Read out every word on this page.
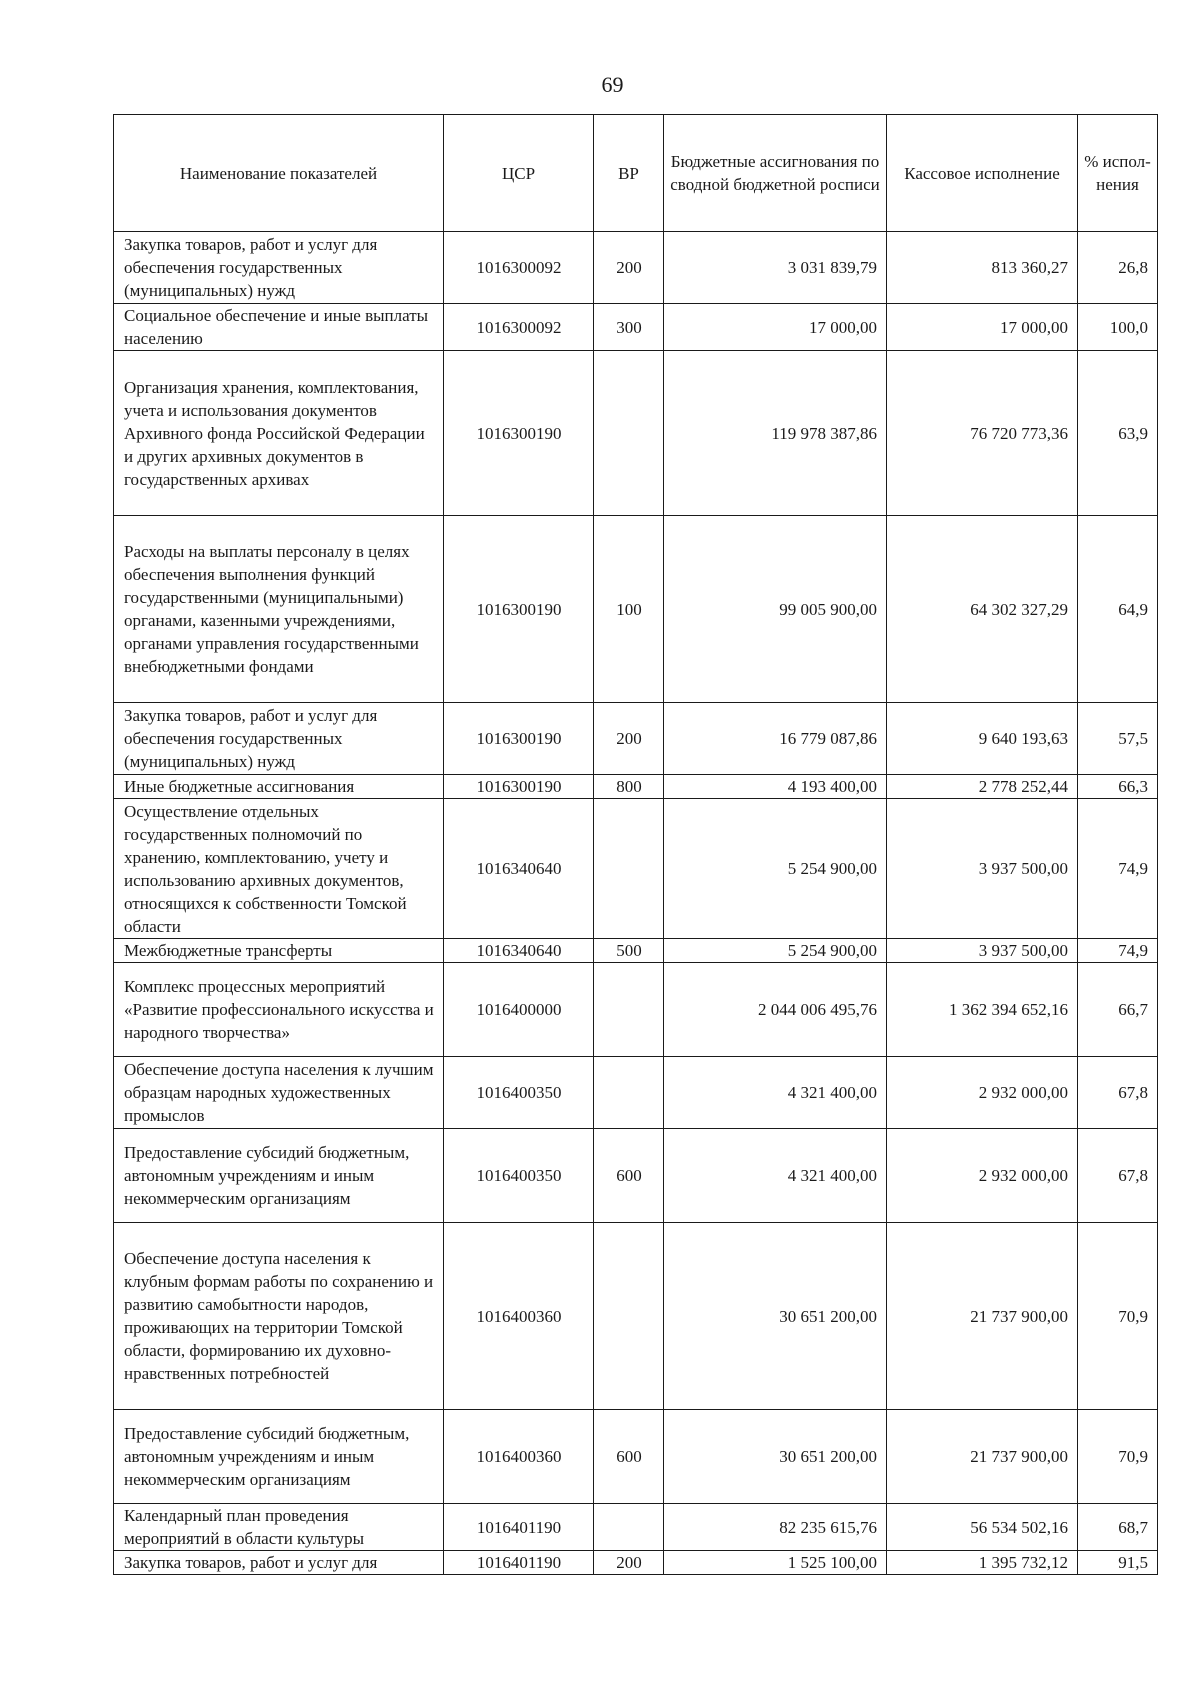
69
Наименование показателей	ЦСР	ВР	Бюджетные ассигнования по сводной бюджетной росписи	Кассовое исполнение	% испол-нения
Закупка товаров, работ и услуг для обеспечения государственных (муниципальных) нужд	1016300092	200	3 031 839,79	813 360,27	26,8
Социальное обеспечение и иные выплаты населению	1016300092	300	17 000,00	17 000,00	100,0
Организация хранения, комплектования, учета и использования документов Архивного фонда Российской Федерации и других архивных документов в государственных архивах	1016300190		119 978 387,86	76 720 773,36	63,9
Расходы на выплаты персоналу в целях обеспечения выполнения функций государственными (муниципальными) органами, казенными учреждениями, органами управления государственными внебюджетными фондами	1016300190	100	99 005 900,00	64 302 327,29	64,9
Закупка товаров, работ и услуг для обеспечения государственных (муниципальных) нужд	1016300190	200	16 779 087,86	9 640 193,63	57,5
Иные бюджетные ассигнования	1016300190	800	4 193 400,00	2 778 252,44	66,3
Осуществление отдельных государственных полномочий по хранению, комплектованию, учету и использованию архивных документов, относящихся к собственности Томской области	1016340640		5 254 900,00	3 937 500,00	74,9
Межбюджетные трансферты	1016340640	500	5 254 900,00	3 937 500,00	74,9
Комплекс процессных мероприятий «Развитие профессионального искусства и народного творчества»	1016400000		2 044 006 495,76	1 362 394 652,16	66,7
Обеспечение доступа населения к лучшим образцам народных художественных промыслов	1016400350		4 321 400,00	2 932 000,00	67,8
Предоставление субсидий бюджетным, автономным учреждениям и иным некоммерческим организациям	1016400350	600	4 321 400,00	2 932 000,00	67,8
Обеспечение доступа населения к клубным формам работы по сохранению и развитию самобытности народов, проживающих на территории Томской области, формированию их духовно-нравственных потребностей	1016400360		30 651 200,00	21 737 900,00	70,9
Предоставление субсидий бюджетным, автономным учреждениям и иным некоммерческим организациям	1016400360	600	30 651 200,00	21 737 900,00	70,9
Календарный план проведения мероприятий в области культуры	1016401190		82 235 615,76	56 534 502,16	68,7
Закупка товаров, работ и услуг для	1016401190	200	1 525 100,00	1 395 732,12	91,5
